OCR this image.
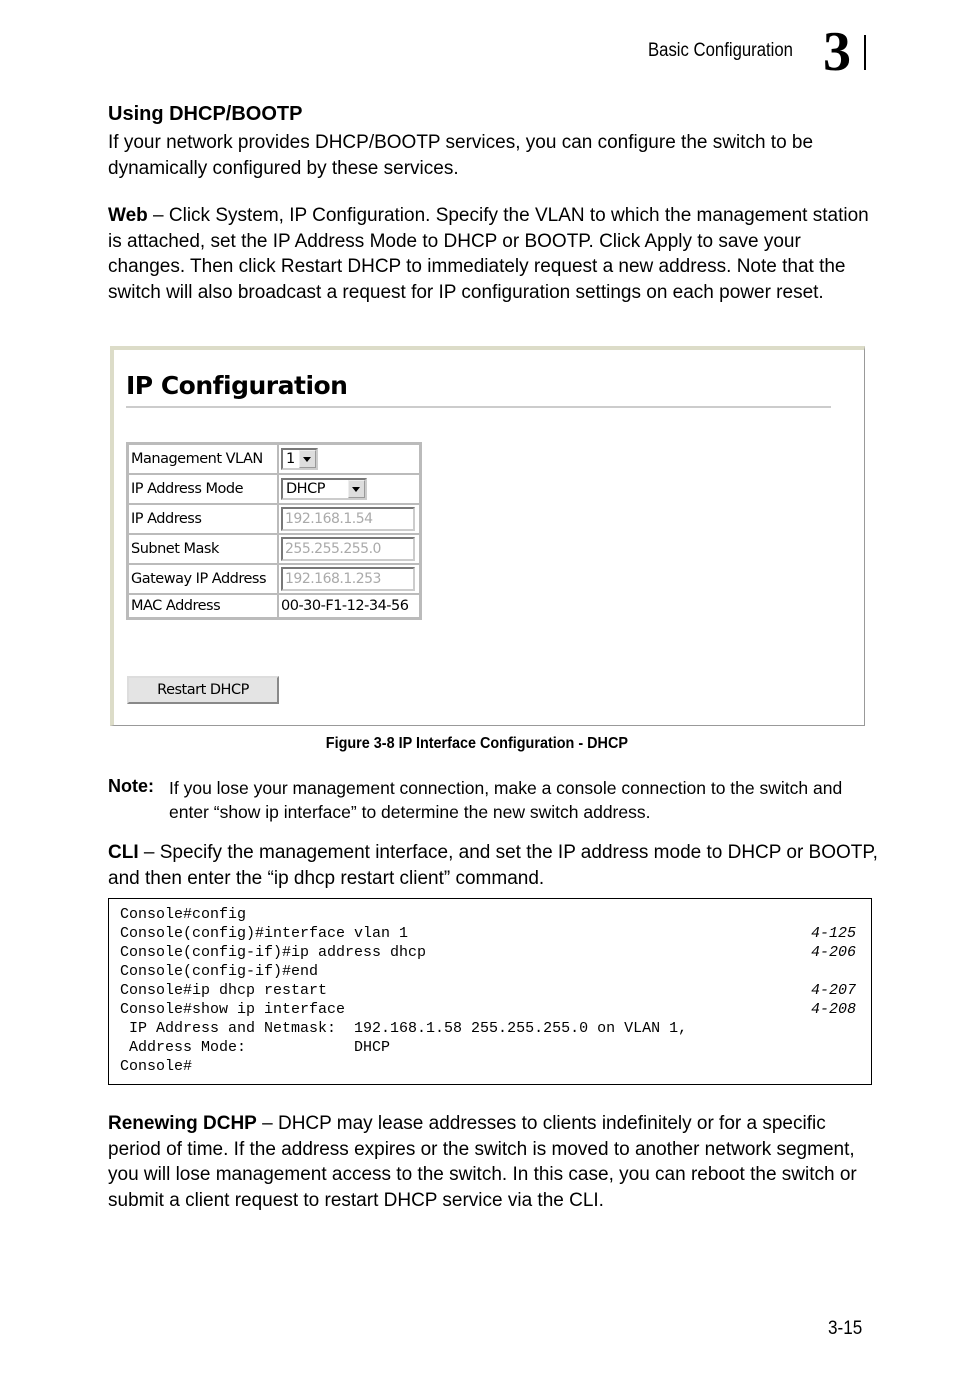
Basic Configuration 3
Using DHCP/BOOTP
If your network provides DHCP/BOOTP services, you can configure the switch to be dynamically configured by these services.
Web – Click System, IP Configuration. Specify the VLAN to which the management station is attached, set the IP Address Mode to DHCP or BOOTP. Click Apply to save your changes. Then click Restart DHCP to immediately request a new address. Note that the switch will also broadcast a request for IP configuration settings on each power reset.
IP Configuration
Management VLAN	1

IP Address Mode	DHCP

IP Address	192.168.1.54
Subnet Mask	255.255.255.0
Gateway IP Address	192.168.1.253
MAC Address	00-30-F1-12-34-56
Restart DHCP
Figure 3-8 IP Interface Configuration - DHCP
Note: If you lose your management connection, make a console connection to the switch and enter “show ip interface” to determine the new switch address.
CLI – Specify the management interface, and set the IP address mode to DHCP or BOOTP, and then enter the “ip dhcp restart client” command.
Console#config
Console(config)#interface vlan 1	4-125
Console(config-if)#ip address dhcp	4-206
Console(config-if)#end
Console#ip dhcp restart	4-207
Console#show ip interface	4-208
IP Address and Netmask:  192.168.1.58 255.255.255.0 on VLAN 1,
Address Mode:            DHCP
Console#
Renewing DCHP – DHCP may lease addresses to clients indefinitely or for a specific period of time. If the address expires or the switch is moved to another network segment, you will lose management access to the switch. In this case, you can reboot the switch or submit a client request to restart DHCP service via the CLI.
3-15
